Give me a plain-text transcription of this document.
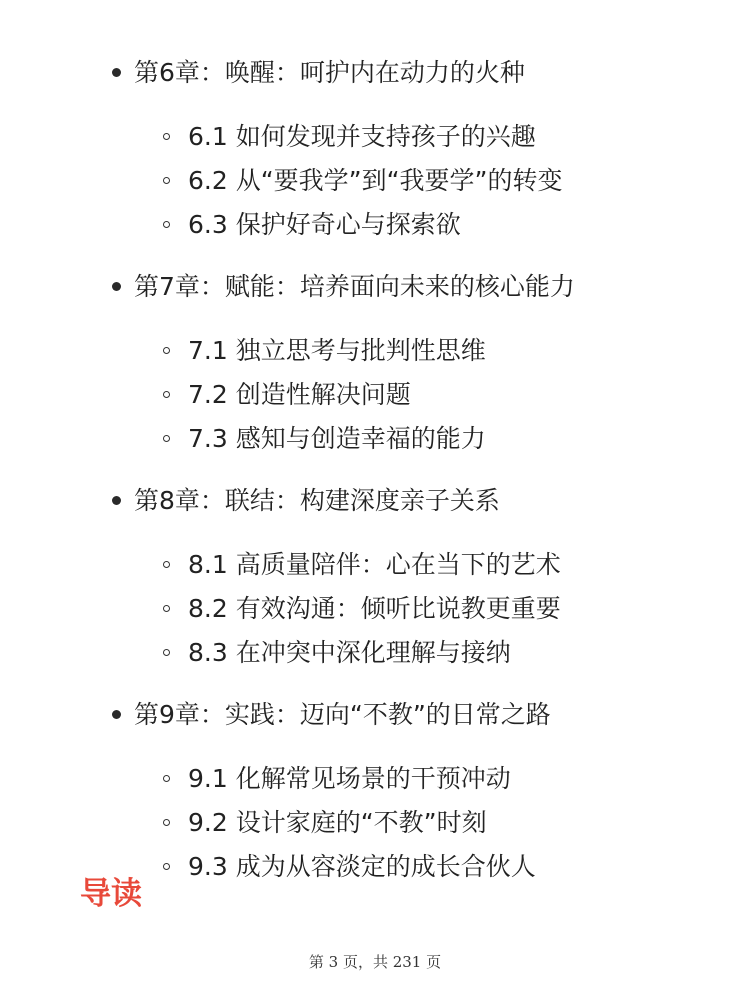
第6章：唤醒：呵护内在动力的火种
6.1 如何发现并支持孩子的兴趣
6.2 从“要我学”到“我要学”的转变
6.3 保护好奇心与探索欲
第7章：赋能：培养面向未来的核心能力
7.1 独立思考与批判性思维
7.2 创造性解决问题
7.3 感知与创造幸福的能力
第8章：联结：构建深度亲子关系
8.1 高质量陪伴：心在当下的艺术
8.2 有效沟通：倾听比说教更重要
8.3 在冲突中深化理解与接纳
第9章：实践：迈向“不教”的日常之路
9.1 化解常见场景的干预冲动
9.2 设计家庭的“不教”时刻
9.3 成为从容淡定的成长合伙人
导读
第 3 页，共 231 页
